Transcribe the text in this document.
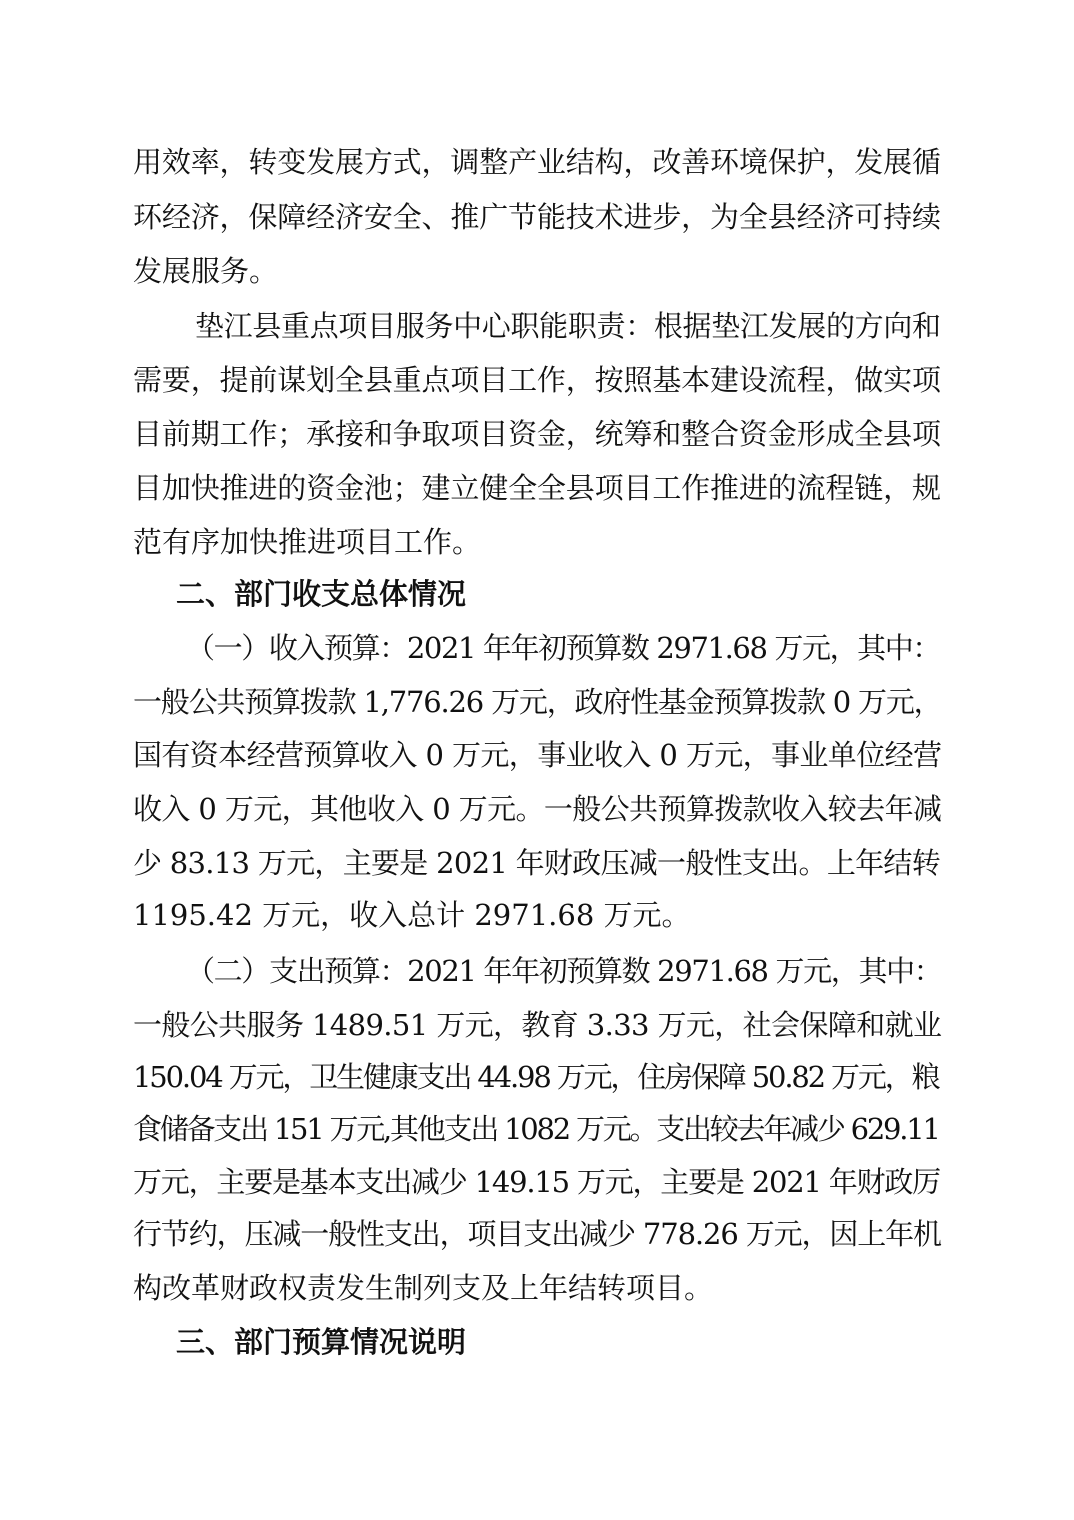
用效率，转变发展方式，调整产业结构，改善环境保护，发展循
环经济，保障经济安全、推广节能技术进步，为全县经济可持续
发展服务。
垫江县重点项目服务中心职能职责：根据垫江发展的方向和
需要，提前谋划全县重点项目工作，按照基本建设流程，做实项
目前期工作；承接和争取项目资金，统筹和整合资金形成全县项
目加快推进的资金池；建立健全全县项目工作推进的流程链，规
范有序加快推进项目工作。
二、部门收支总体情况
（一）收入预算：2021 年年初预算数 2971.68 万元，其中：
一般公共预算拨款 1,776.26 万元，政府性基金预算拨款 0 万元，
国有资本经营预算收入 0 万元，事业收入 0 万元，事业单位经营
收入 0 万元，其他收入 0 万元。一般公共预算拨款收入较去年减
少 83.13 万元，主要是 2021 年财政压减一般性支出。上年结转
1195.42 万元，收入总计 2971.68 万元。
（二）支出预算：2021 年年初预算数 2971.68 万元，其中：
一般公共服务 1489.51 万元，教育 3.33 万元，社会保障和就业
150.04 万元，卫生健康支出 44.98 万元，住房保障 50.82 万元，粮
食储备支出 151 万元,其他支出 1082 万元。支出较去年减少 629.11
万元，主要是基本支出减少 149.15 万元，主要是 2021 年财政厉
行节约，压减一般性支出，项目支出减少 778.26 万元，因上年机
构改革财政权责发生制列支及上年结转项目。
三、部门预算情况说明
